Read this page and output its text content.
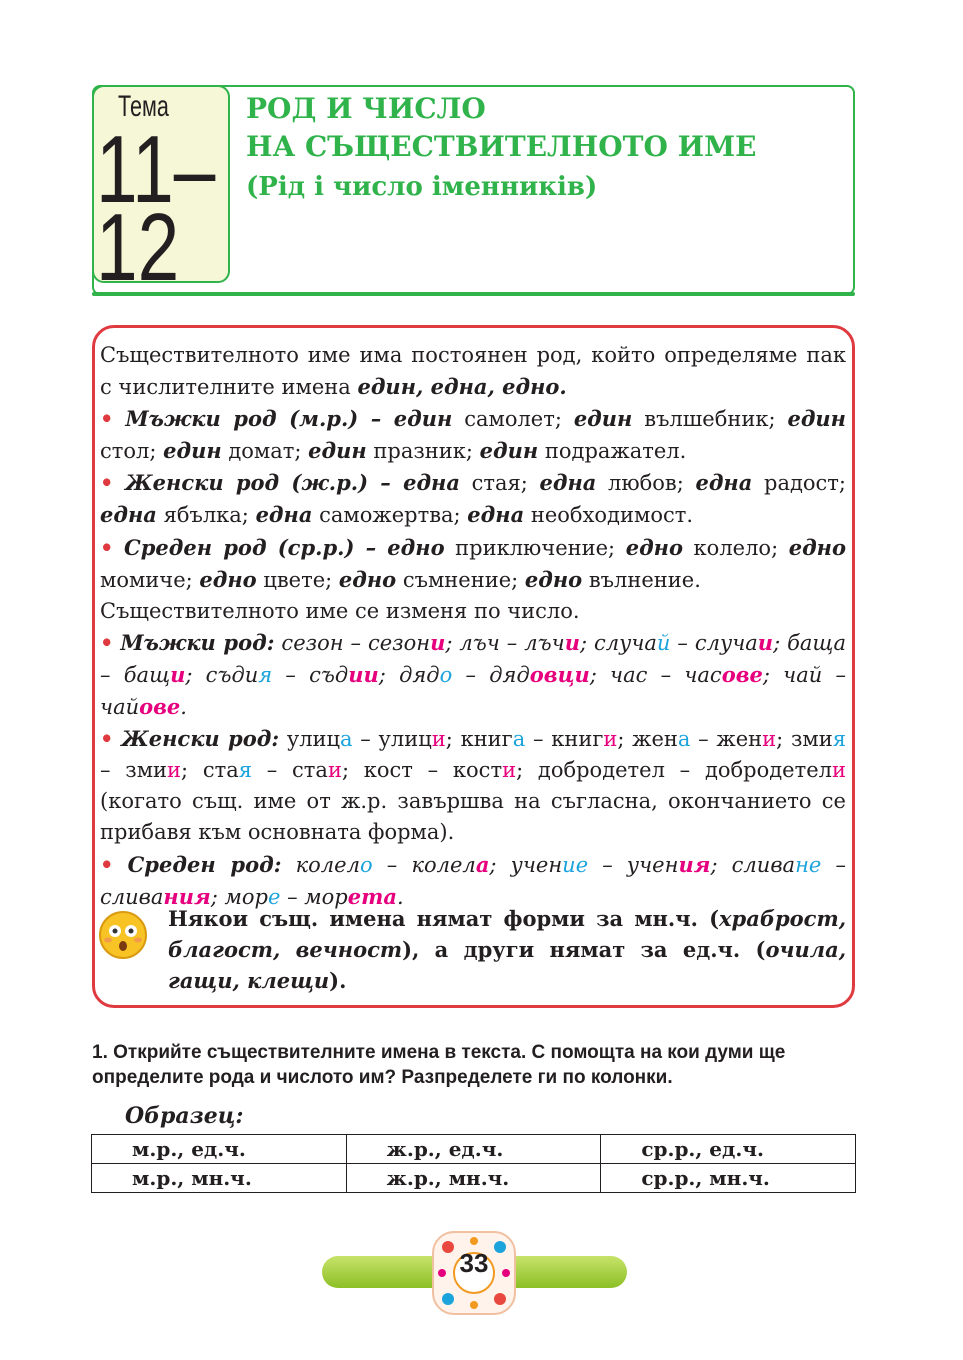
Тема
11–
12
РОД И ЧИСЛО
НА СЪЩЕСТВИТЕЛНОТО ИМЕ
(Рід і число іменників)

Съществителното име има постоянен род, който определяме пак с числителните имена един, една, едно.

• Мъжки род (м.р.) – един самолет; един вълшебник; един стол; един домат; един празник; един подражател.

• Женски род (ж.р.) – една стая; една любов; една радост; една ябълка; една саможертва; една необходимост.

• Среден род (ср.р.) – едно приключение; едно колело; едно момиче; едно цвете; едно съмнение; едно вълнение.

Съществителното име се изменя по число.

• Мъжки род: сезон – сезони; лъч – лъчи; случай – случаи; баща – бащи; съдия – съдии; дядо – дядовци; час – часове; чай – чайове.

• Женски род: улица – улици; книга – книги; жена – жени; змия – змии; стая – стаи; кост – кости; добродетел – добродетели (когато същ. име от ж.р. завършва на съгласна, окончанието се прибавя към основната форма).

• Среден род: колело – колела; учение – учения; сливане – сливания; море – морета.

Някои същ. имена нямат форми за мн.ч. (храброст, благост, вечност), а други нямат за ед.ч. (очила, гащи, клещи).
1. Открийте съществителните имена в текста. С помощта на кои думи ще определите рода и числото им? Разпределете ги по колонки.
Образец:
м.р., ед.ч.	ж.р., ед.ч.	ср.р., ед.ч.
м.р., мн.ч.	ж.р., мн.ч.	ср.р., мн.ч.
33
